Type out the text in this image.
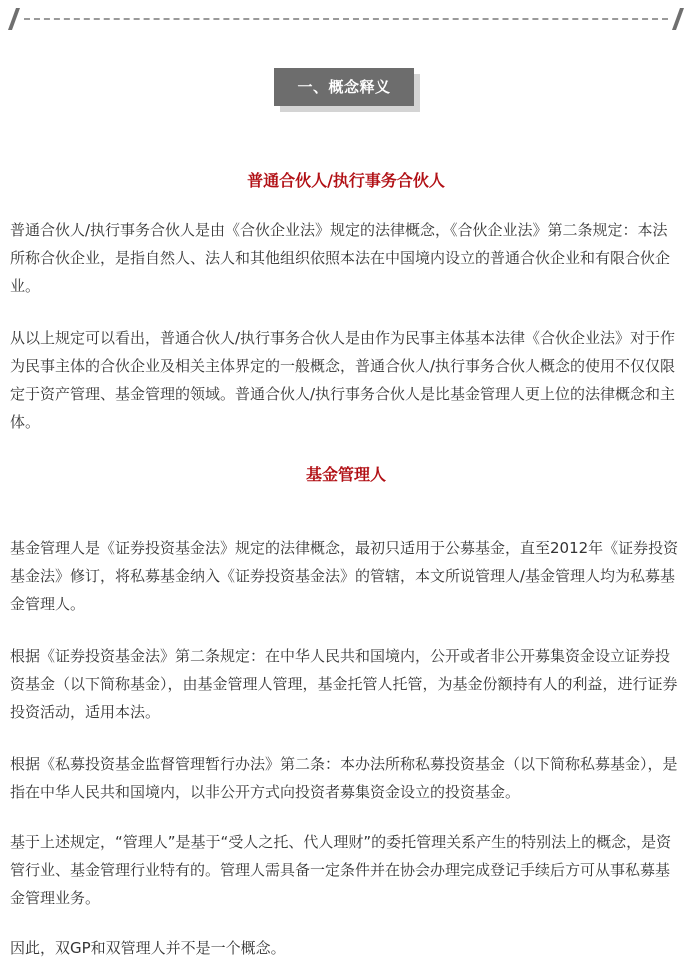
一、概念释义
普通合伙人/执行事务合伙人

普通合伙人/执行事务合伙人是由《合伙企业法》规定的法律概念，《合伙企业法》第二条规定：本法所称合伙企业，是指自然人、法人和其他组织依照本法在中国境内设立的普通合伙企业和有限合伙企业。

从以上规定可以看出，普通合伙人/执行事务合伙人是由作为民事主体基本法律《合伙企业法》对于作为民事主体的合伙企业及相关主体界定的一般概念，普通合伙人/执行事务合伙人概念的使用不仅仅限定于资产管理、基金管理的领域。普通合伙人/执行事务合伙人是比基金管理人更上位的法律概念和主体。

基金管理人

基金管理人是《证券投资基金法》规定的法律概念，最初只适用于公募基金，直至2012年《证券投资基金法》修订，将私募基金纳入《证券投资基金法》的管辖，本文所说管理人/基金管理人均为私募基金管理人。

根据《证券投资基金法》第二条规定：在中华人民共和国境内，公开或者非公开募集资金设立证券投资基金（以下简称基金），由基金管理人管理，基金托管人托管，为基金份额持有人的利益，进行证券投资活动，适用本法。

根据《私募投资基金监督管理暂行办法》第二条：本办法所称私募投资基金（以下简称私募基金），是指在中华人民共和国境内，以非公开方式向投资者募集资金设立的投资基金。

基于上述规定，“管理人”是基于“受人之托、代人理财”的委托管理关系产生的特别法上的概念，是资管行业、基金管理行业特有的。管理人需具备一定条件并在协会办理完成登记手续后方可从事私募基金管理业务。

因此，双GP和双管理人并不是一个概念。
